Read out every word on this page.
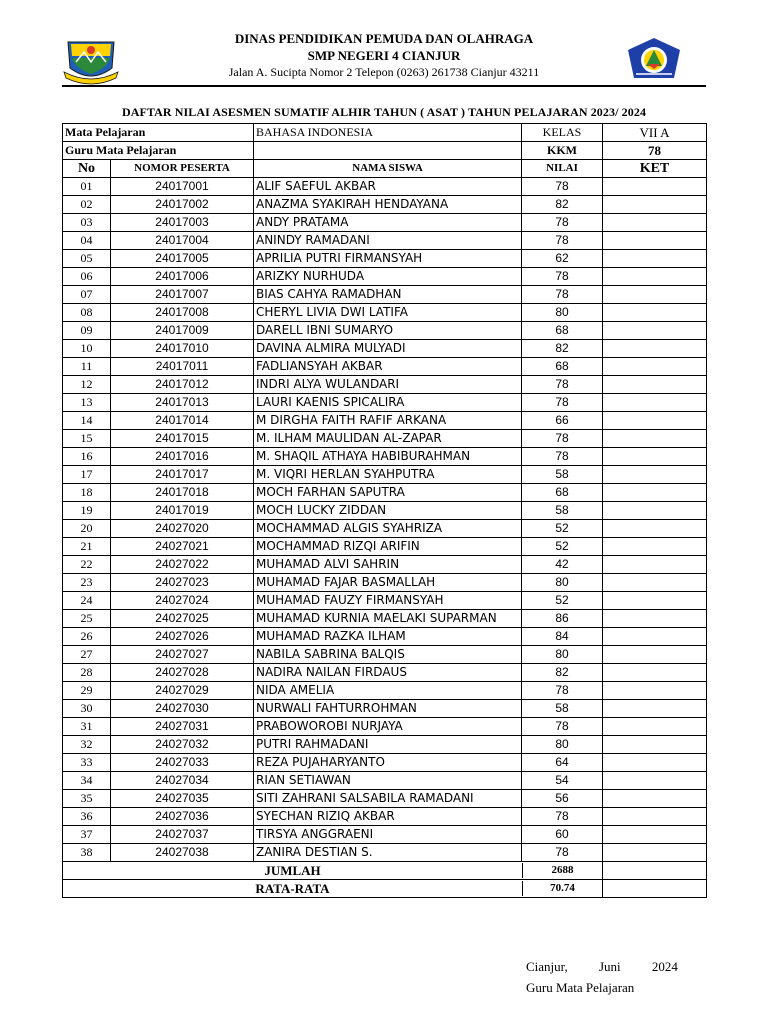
DINAS PENDIDIKAN PEMUDA DAN OLAHRAGA
SMP NEGERI 4 CIANJUR
Jalan A. Sucipta Nomor 2 Telepon (0263) 261738 Cianjur 43211
DAFTAR NILAI ASESMEN SUMATIF ALHIR TAHUN ( ASAT ) TAHUN PELAJARAN 2023/ 2024
Mata Pelajaran		BAHASA INDONESIA	KELAS	VII A
Guru Mata Pelajaran			KKM	78
No	NOMOR PESERTA	NAMA SISWA	NILAI	KET
01	24017001	ALIF SAEFUL AKBAR	78	
02	24017002	ANAZMA SYAKIRAH HENDAYANA	82	
03	24017003	ANDY PRATAMA	78	
04	24017004	ANINDY RAMADANI	78	
05	24017005	APRILIA PUTRI FIRMANSYAH	62	
06	24017006	ARIZKY NURHUDA	78	
07	24017007	BIAS CAHYA RAMADHAN	78	
08	24017008	CHERYL LIVIA DWI LATIFA	80	
09	24017009	DARELL IBNI SUMARYO	68	
10	24017010	DAVINA ALMIRA MULYADI	82	
11	24017011	FADLIANSYAH AKBAR	68	
12	24017012	INDRI ALYA WULANDARI	78	
13	24017013	LAURI KAENIS SPICALIRA	78	
14	24017014	M DIRGHA FAITH RAFIF ARKANA	66	
15	24017015	M. ILHAM MAULIDAN AL-ZAPAR	78	
16	24017016	M. SHAQIL ATHAYA HABIBURAHMAN	78	
17	24017017	M. VIQRI HERLAN SYAHPUTRA	58	
18	24017018	MOCH FARHAN SAPUTRA	68	
19	24017019	MOCH LUCKY ZIDDAN	58	
20	24027020	MOCHAMMAD ALGIS SYAHRIZA	52	
21	24027021	MOCHAMMAD RIZQI ARIFIN	52	
22	24027022	MUHAMAD ALVI SAHRIN	42	
23	24027023	MUHAMAD FAJAR BASMALLAH	80	
24	24027024	MUHAMAD FAUZY FIRMANSYAH	52	
25	24027025	MUHAMAD KURNIA MAELAKI SUPARMAN	86	
26	24027026	MUHAMAD RAZKA ILHAM	84	
27	24027027	NABILA SABRINA BALQIS	80	
28	24027028	NADIRA NAILAN FIRDAUS	82	
29	24027029	NIDA AMELIA	78	
30	24027030	NURWALI FAHTURROHMAN	58	
31	24027031	PRABOWOROBI NURJAYA	78	
32	24027032	PUTRI RAHMADANI	80	
33	24027033	REZA PUJAHARYANTO	64	
34	24027034	RIAN SETIAWAN	54	
35	24027035	SITI ZAHRANI SALSABILA RAMADANI	56	
36	24027036	SYECHAN RIZIQ AKBAR	78	
37	24027037	TIRSYA ANGGRAENI	60	
38	24027038	ZANIRA DESTIAN S.	78	

JUMLAH 2688				

RATA-RATA 70.74				

Cianjur, Juni 2024
Guru Mata Pelajaran
